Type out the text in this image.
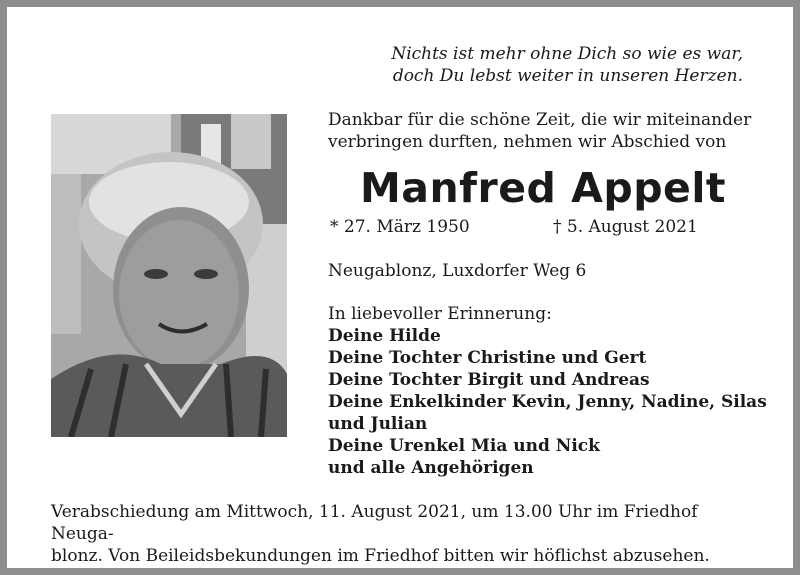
Nichts ist mehr ohne Dich so wie es war,
doch Du lebst weiter in unseren Herzen.

Dankbar für die schöne Zeit, die wir miteinander
verbringen durften, nehmen wir Abschied von

Manfred Appelt
* 27. März 1950	† 5. August 2021

Neugablonz, Luxdorfer Weg 6

In liebevoller Erinnerung:
Deine Hilde
Deine Tochter Christine und Gert
Deine Tochter Birgit und Andreas
Deine Enkelkinder Kevin, Jenny, Nadine, Silas
und Julian
Deine Urenkel Mia und Nick
und alle Angehörigen
Verabschiedung am Mittwoch, 11. August 2021, um 13.00 Uhr im Friedhof Neuga-
blonz. Von Beileidsbekundungen im Friedhof bitten wir höflichst abzusehen.
